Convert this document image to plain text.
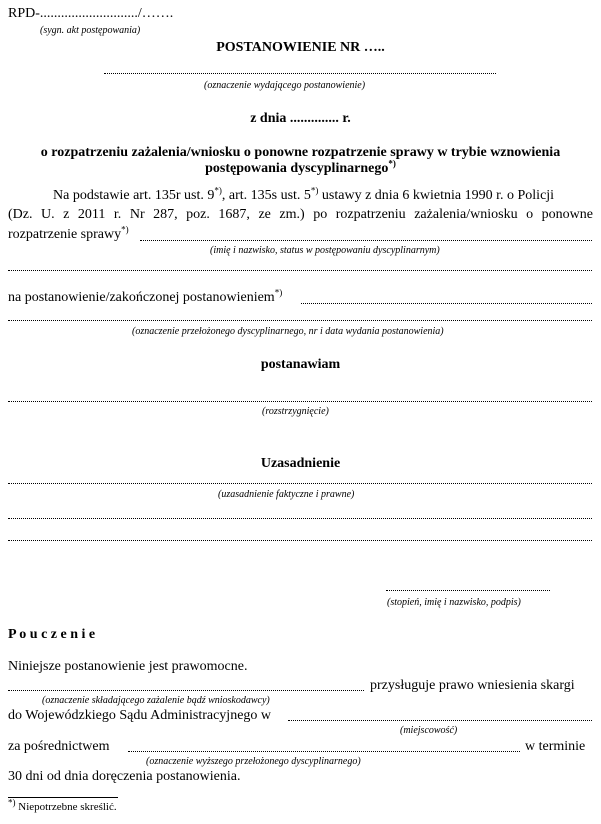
RPD-............................/…….
(sygn. akt postępowania)
POSTANOWIENIE NR …..
(oznaczenie wydającego postanowienie)
z dnia .............. r.
o rozpatrzeniu zażalenia/wniosku o ponowne rozpatrzenie sprawy w trybie wznowienia
postępowania dyscyplinarnego*)
Na podstawie art. 135r ust. 9*), art. 135s ust. 5*) ustawy z dnia 6 kwietnia 1990 r. o Policji
(Dz. U. z 2011 r. Nr 287, poz. 1687, ze zm.) po rozpatrzeniu zażalenia/wniosku o ponowne
rozpatrzenie sprawy*)
(imię i nazwisko, status w postępowaniu dyscyplinarnym)
na postanowienie/zakończonej postanowieniem*)
(oznaczenie przełożonego dyscyplinarnego, nr i data wydania postanowienia)
postanawiam
(rozstrzygnięcie)
Uzasadnienie
(uzasadnienie faktyczne i prawne)
(stopień, imię i nazwisko, podpis)
P o u c z e n i e
Niniejsze postanowienie jest prawomocne.
przysługuje prawo wniesienia skargi
(oznaczenie składającego zażalenie bądź wnioskodawcy)
do Wojewódzkiego Sądu Administracyjnego w
(miejscowość)
za pośrednictwem	w terminie
(oznaczenie wyższego przełożonego dyscyplinarnego)
30 dni od dnia doręczenia postanowienia.
*) Niepotrzebne skreślić.
